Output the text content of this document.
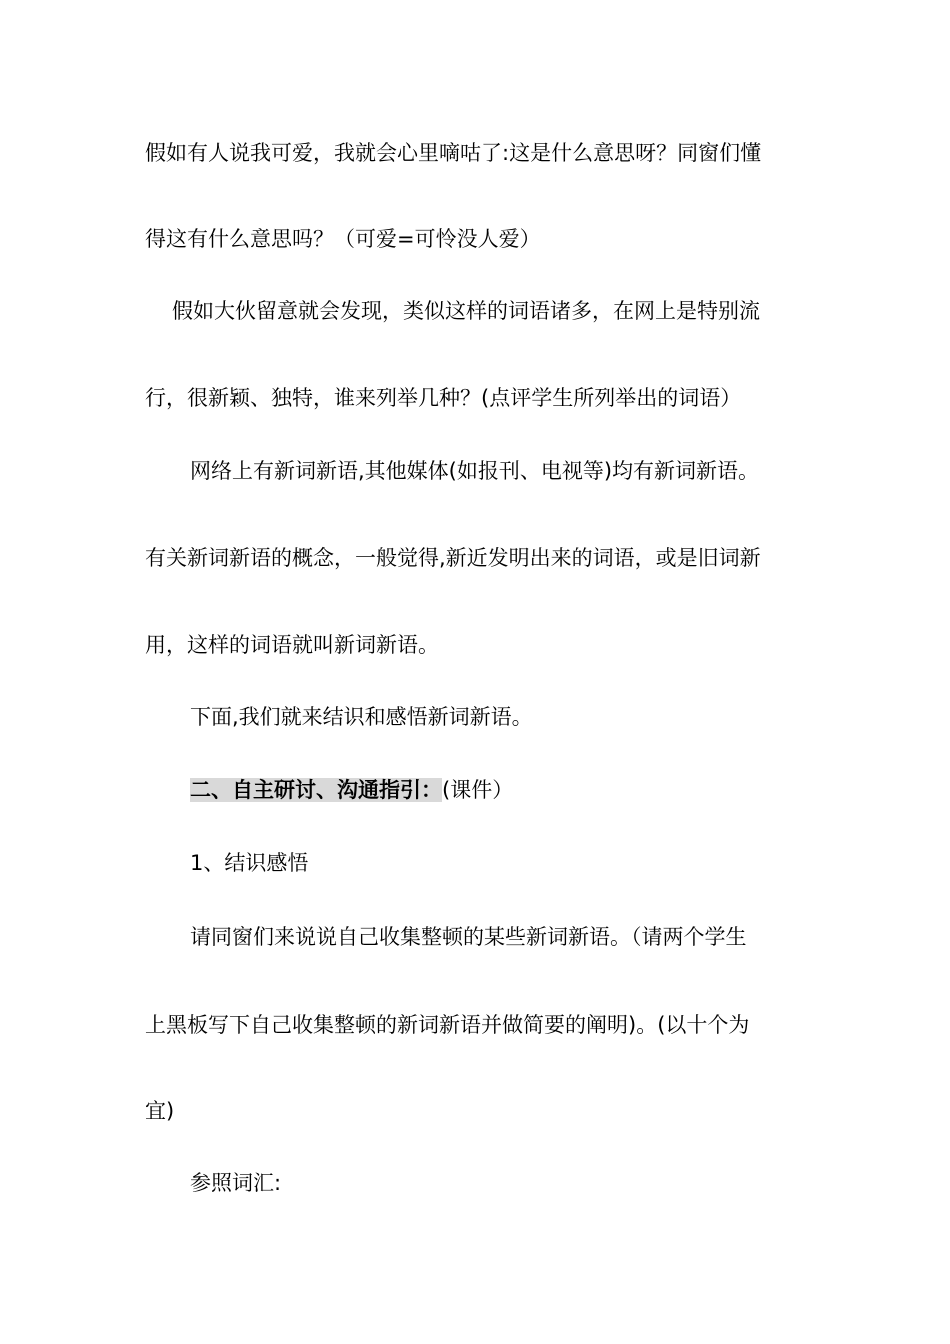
假如有人说我可爱，我就会心里嘀咕了:这是什么意思呀？同窗们懂
得这有什么意思吗？（可爱=可怜没人爱）
假如大伙留意就会发现，类似这样的词语诸多，在网上是特别流
行，很新颖、独特，谁来列举几种？(点评学生所列举出的词语）
网络上有新词新语,其他媒体(如报刊、电视等)均有新词新语。
有关新词新语的概念，一般觉得,新近发明出来的词语，或是旧词新
用，这样的词语就叫新词新语。
下面,我们就来结识和感悟新词新语。
二、自主研讨、沟通指引：(课件）
1、结识感悟
请同窗们来说说自己收集整顿的某些新词新语。（请两个学生
上黑板写下自己收集整顿的新词新语并做简要的阐明)。(以十个为
宜)
参照词汇:
